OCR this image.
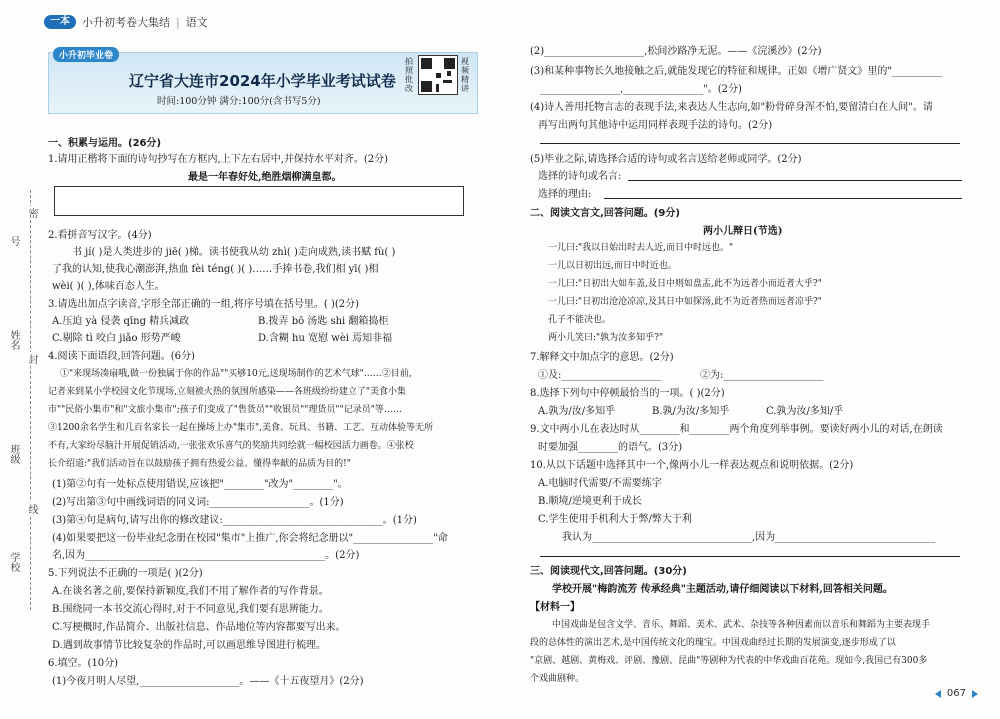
一本	小升初考卷大集结 | 语文
号
姓名
班级
学校
密
封
线
小升初毕业卷
辽宁省大连市2024年小学毕业考试试卷
时间:100分钟 满分:100分(含书写5分)
拍照批改
视频精讲
一、积累与运用。(26分)
1.请用正楷将下面的诗句抄写在方框内,上下左右居中,并保持水平对齐。(2分)
最是一年春好处,绝胜烟柳满皇都。
2.看拼音写汉字。(4分)
书 jí( )是人类进步的 jiē( )梯。读书使我从幼 zhì( )走向成熟,读书赋 fù( )
了我的认知,使我心潮澎湃,热血 fèi téng( )( )……手捧书卷,我们相 yī( )相
wèi( )( ),体味百态人生。
3.请选出加点字读音,字形全部正确的一组,将序号填在括号里。( )(2分)
A.压迫 yà 侵袭 qīng 精兵减政	B.拨弄 bō 汤匙 shi 翻箱捣柜
C.剔除 tì 咬白 jiǎo 形势严峻	D.含糊 hu 宽慰 wèi 焉知非福
4.阅读下面语段,回答问题。(6分)
①"来现场凑扇哦,做一份独属于你的作品""买够10元,送现场制作的艺术气球"……②目前,
记者来到某小学校园文化节现场,立刻被火热的氛围所感染——各班级纷纷建立了"美食小集
市""民俗小集市"和"文旅小集市";孩子们变成了"售货员""收银员""理货员""记录员"等……
③1200余名学生和几百名家长一起在操场上办"集市",美食、玩具、书籍、工艺、互动体验等无所
不有,大家纷尽脑汁开展促销活动,一张张欢乐喜气的奖励共同绘就一幅校园活力画卷。④张校
长介绍道:"我们活动旨在以鼓励孩子拥有热爱公益、懂得奉献的品质为目的!"
(1)第②句有一处标点使用错误,应该把"________"改为"________"。
(2)写出第③句中画线词语的同义词:____________________。(1分)
(3)第④句是病句,请写出你的修改建议:________________________________。(1分)
(4)如果要把这一份毕业纪念册在校园"集市"上推广,你会将纪念册以"________________"命
名,因为________________________________________________。(2分)
5.下列说法不正确的一项是( )(2分)
A.在谈名著之前,要保持新颖度,我们不用了解作者的写作背景。
B.围绕同一本书交流心得时,对于不同意见,我们要有思辨能力。
C.写梗概时,作品简介、出版社信息、作品地位等内容都要写出来。
D.遇到故事情节比较复杂的作品时,可以画思维导图进行梳理。
6.填空。(10分)
(1)今夜月明人尽望,____________________。——《十五夜望月》(2分)
(2)____________________,松间沙路净无泥。——《浣溪沙》(2分)
(3)和某种事物长久地接触之后,就能发现它的特征和规律。正如《增广贤文》里的"__________
________________,________________"。(2分)
(4)诗人善用托物言志的表现手法,来表达人生志向,如"粉骨碎身浑不怕,要留清白在人间"。请
再写出两句其他诗中运用同样表现手法的诗句。(2分)
(5)毕业之际,请选择合适的诗句或名言送给老师或同学。(2分)
选择的诗句或名言:
选择的理由:
二、阅读文言文,回答问题。(9分)
两小儿辩日(节选)
一儿曰:"我以日始出时去人近,而日中时远也。"
一儿以日初出远,而日中时近也。
一儿曰:"日初出大如车盖,及日中则如盘盂,此不为远者小而近者大乎?"
一儿曰:"日初出沧沧凉凉,及其日中如探汤,此不为近者热而远者凉乎?"
孔子不能决也。
两小儿笑曰:"孰为汝多知乎?"
7.解释文中加点字的意思。(2分)
①及:____________________	②为:____________________
8.选择下列句中停顿最恰当的一项。( )(2分)
A.孰为/汝/多知乎	B.孰/为汝/多知乎	C.孰为汝/多知/乎
9.文中两小儿在表达时从________和________两个角度列举事例。要读好两小儿的对话,在朗读
时要加强________的语气。(3分)
10.从以下话题中选择其中一个,像两小儿一样表达观点和说明依据。(2分)
A.电脑时代需要/不需要练字
B.顺境/逆境更利于成长
C.学生使用手机利大于弊/弊大于利
我认为________________________________,因为________________________________
三、阅读现代文,回答问题。(30分)
学校开展"梅韵流芳 传承经典"主题活动,请仔细阅读以下材料,回答相关问题。
【材料一】
中国戏曲是包含文学、音乐、舞蹈、美术、武术、杂技等各种因素而以音乐和舞蹈为主要表现手
段的总体性的演出艺术,是中国传统文化的瑰宝。中国戏曲经过长期的发展演变,逐步形成了以
"京剧、越剧、黄梅戏、评剧、豫剧、昆曲"等剧种为代表的中华戏曲百花苑。现如今,我国已有300多
个戏曲剧种。
067
